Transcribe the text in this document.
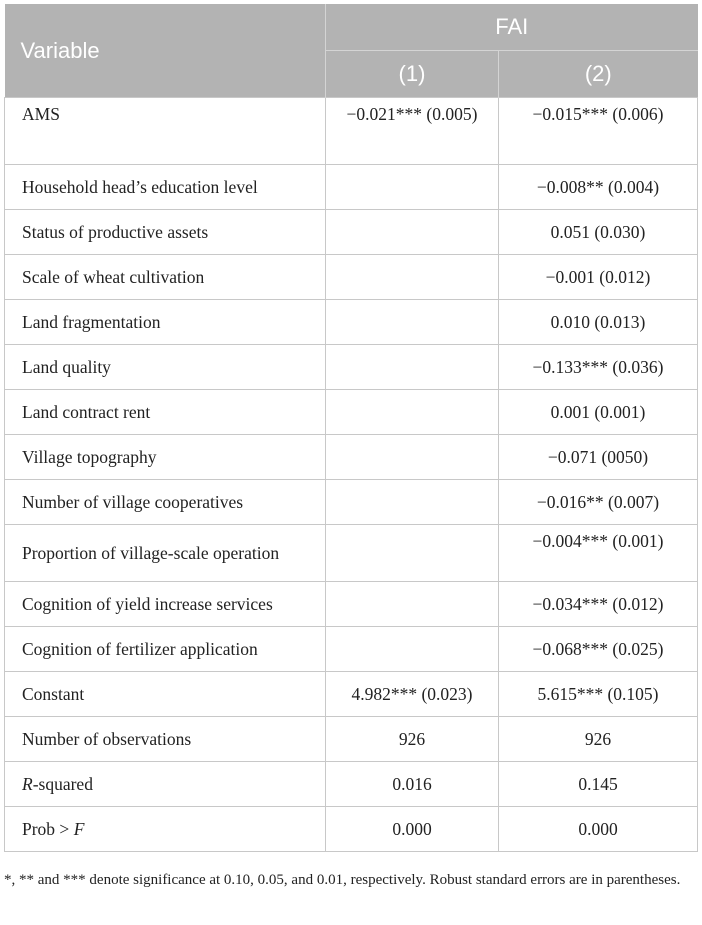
Variable	FAI	
	(1)	(2)
AMS	−0.021*** (0.005)	−0.015*** (0.006)
Household head’s education level		−0.008** (0.004)
Status of productive assets		0.051 (0.030)
Scale of wheat cultivation		−0.001 (0.012)
Land fragmentation		0.010 (0.013)
Land quality		−0.133*** (0.036)
Land contract rent		0.001 (0.001)
Village topography		−0.071 (0050)
Number of village cooperatives		−0.016** (0.007)
Proportion of village-scale operation		−0.004*** (0.001)
Cognition of yield increase services		−0.034*** (0.012)
Cognition of fertilizer application		−0.068*** (0.025)
Constant	4.982*** (0.023)	5.615*** (0.105)
Number of observations	926	926
R-squared	0.016	0.145
Prob > F	0.000	0.000
*, ** and *** denote significance at 0.10, 0.05, and 0.01, respectively. Robust standard errors are in parentheses.
